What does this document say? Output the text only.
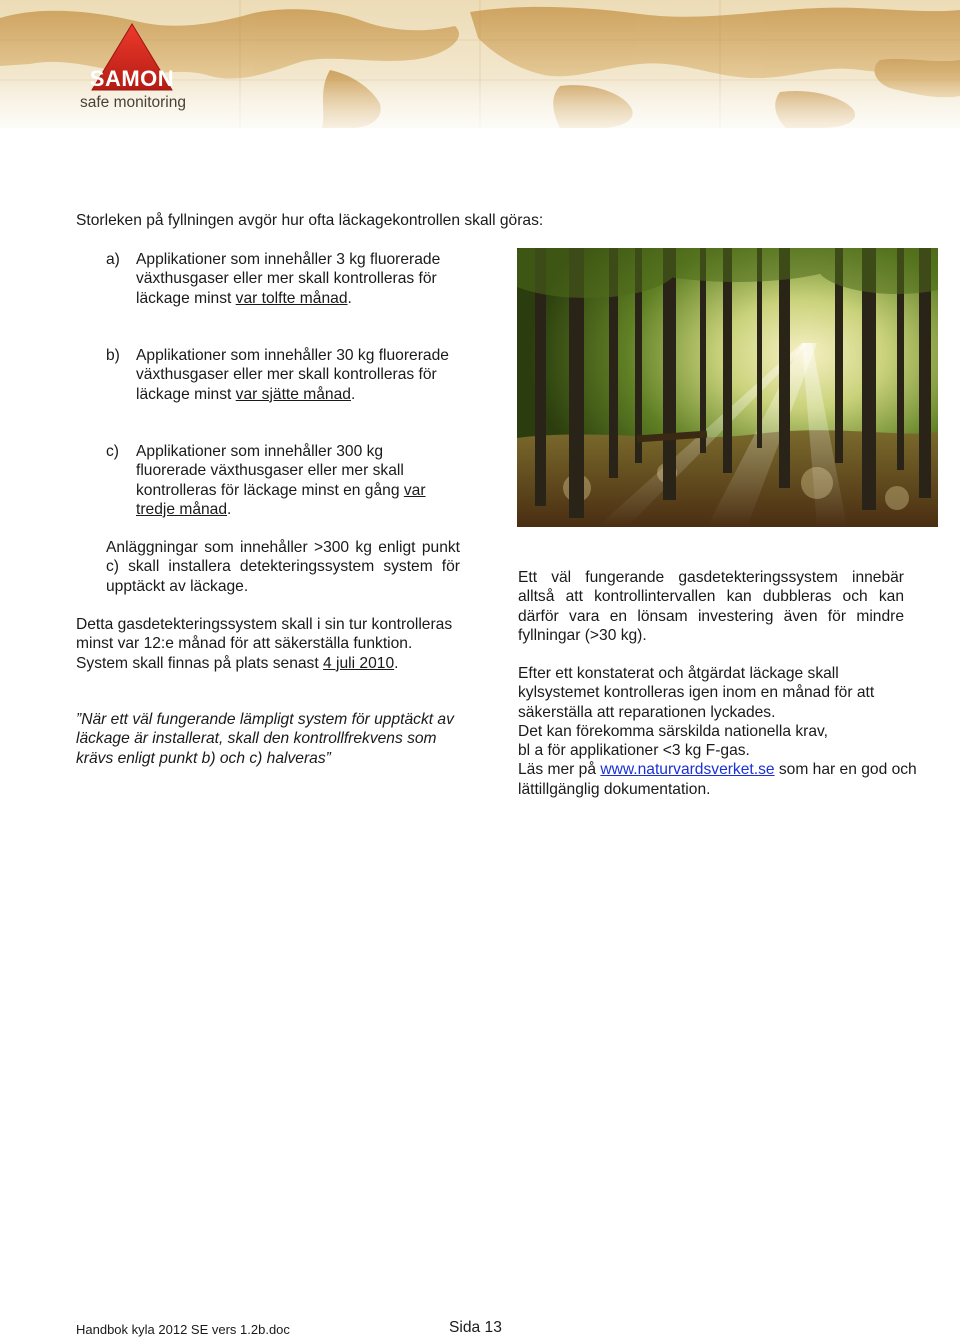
SAMON
safe monitoring
Storleken på fyllningen avgör hur ofta läckagekontrollen skall göras:
a) Applikationer som innehåller 3 kg fluorerade växthusgaser eller mer skall kontrolleras för läckage minst var tolfte månad.
b) Applikationer som innehåller 30 kg fluorerade växthusgaser eller mer skall kontrolleras för läckage minst var sjätte månad.
c) Applikationer som innehåller 300 kg fluorerade växthusgaser eller mer skall kontrolleras för läckage minst en gång var tredje månad.
Anläggningar som innehåller >300 kg enligt punkt c) skall installera detekteringssystem system för upptäckt av läckage.
Detta gasdetekteringssystem skall i sin tur kontrolleras minst var 12:e månad för att säkerställa funktion. System skall finnas på plats senast 4 juli 2010.
”När ett väl fungerande lämpligt system för upptäckt av läckage är installerat, skall den kontrollfrekvens som krävs enligt punkt b) och c) halveras”
Ett väl fungerande gasdetekteringssystem innebär alltså att kontrollintervallen kan dubbleras och kan därför vara en lönsam investering även för mindre fyllningar (>30 kg).
Efter ett konstaterat och åtgärdat läckage skall kylsystemet kontrolleras igen inom en månad för att säkerställa att reparationen lyckades.
Det kan förekomma särskilda nationella krav,
bl a för applikationer <3 kg F-gas.
Läs mer på www.naturvardsverket.se som har en god och lättillgänglig dokumentation.
Handbok kyla 2012 SE vers 1.2b.doc	Sida 13
